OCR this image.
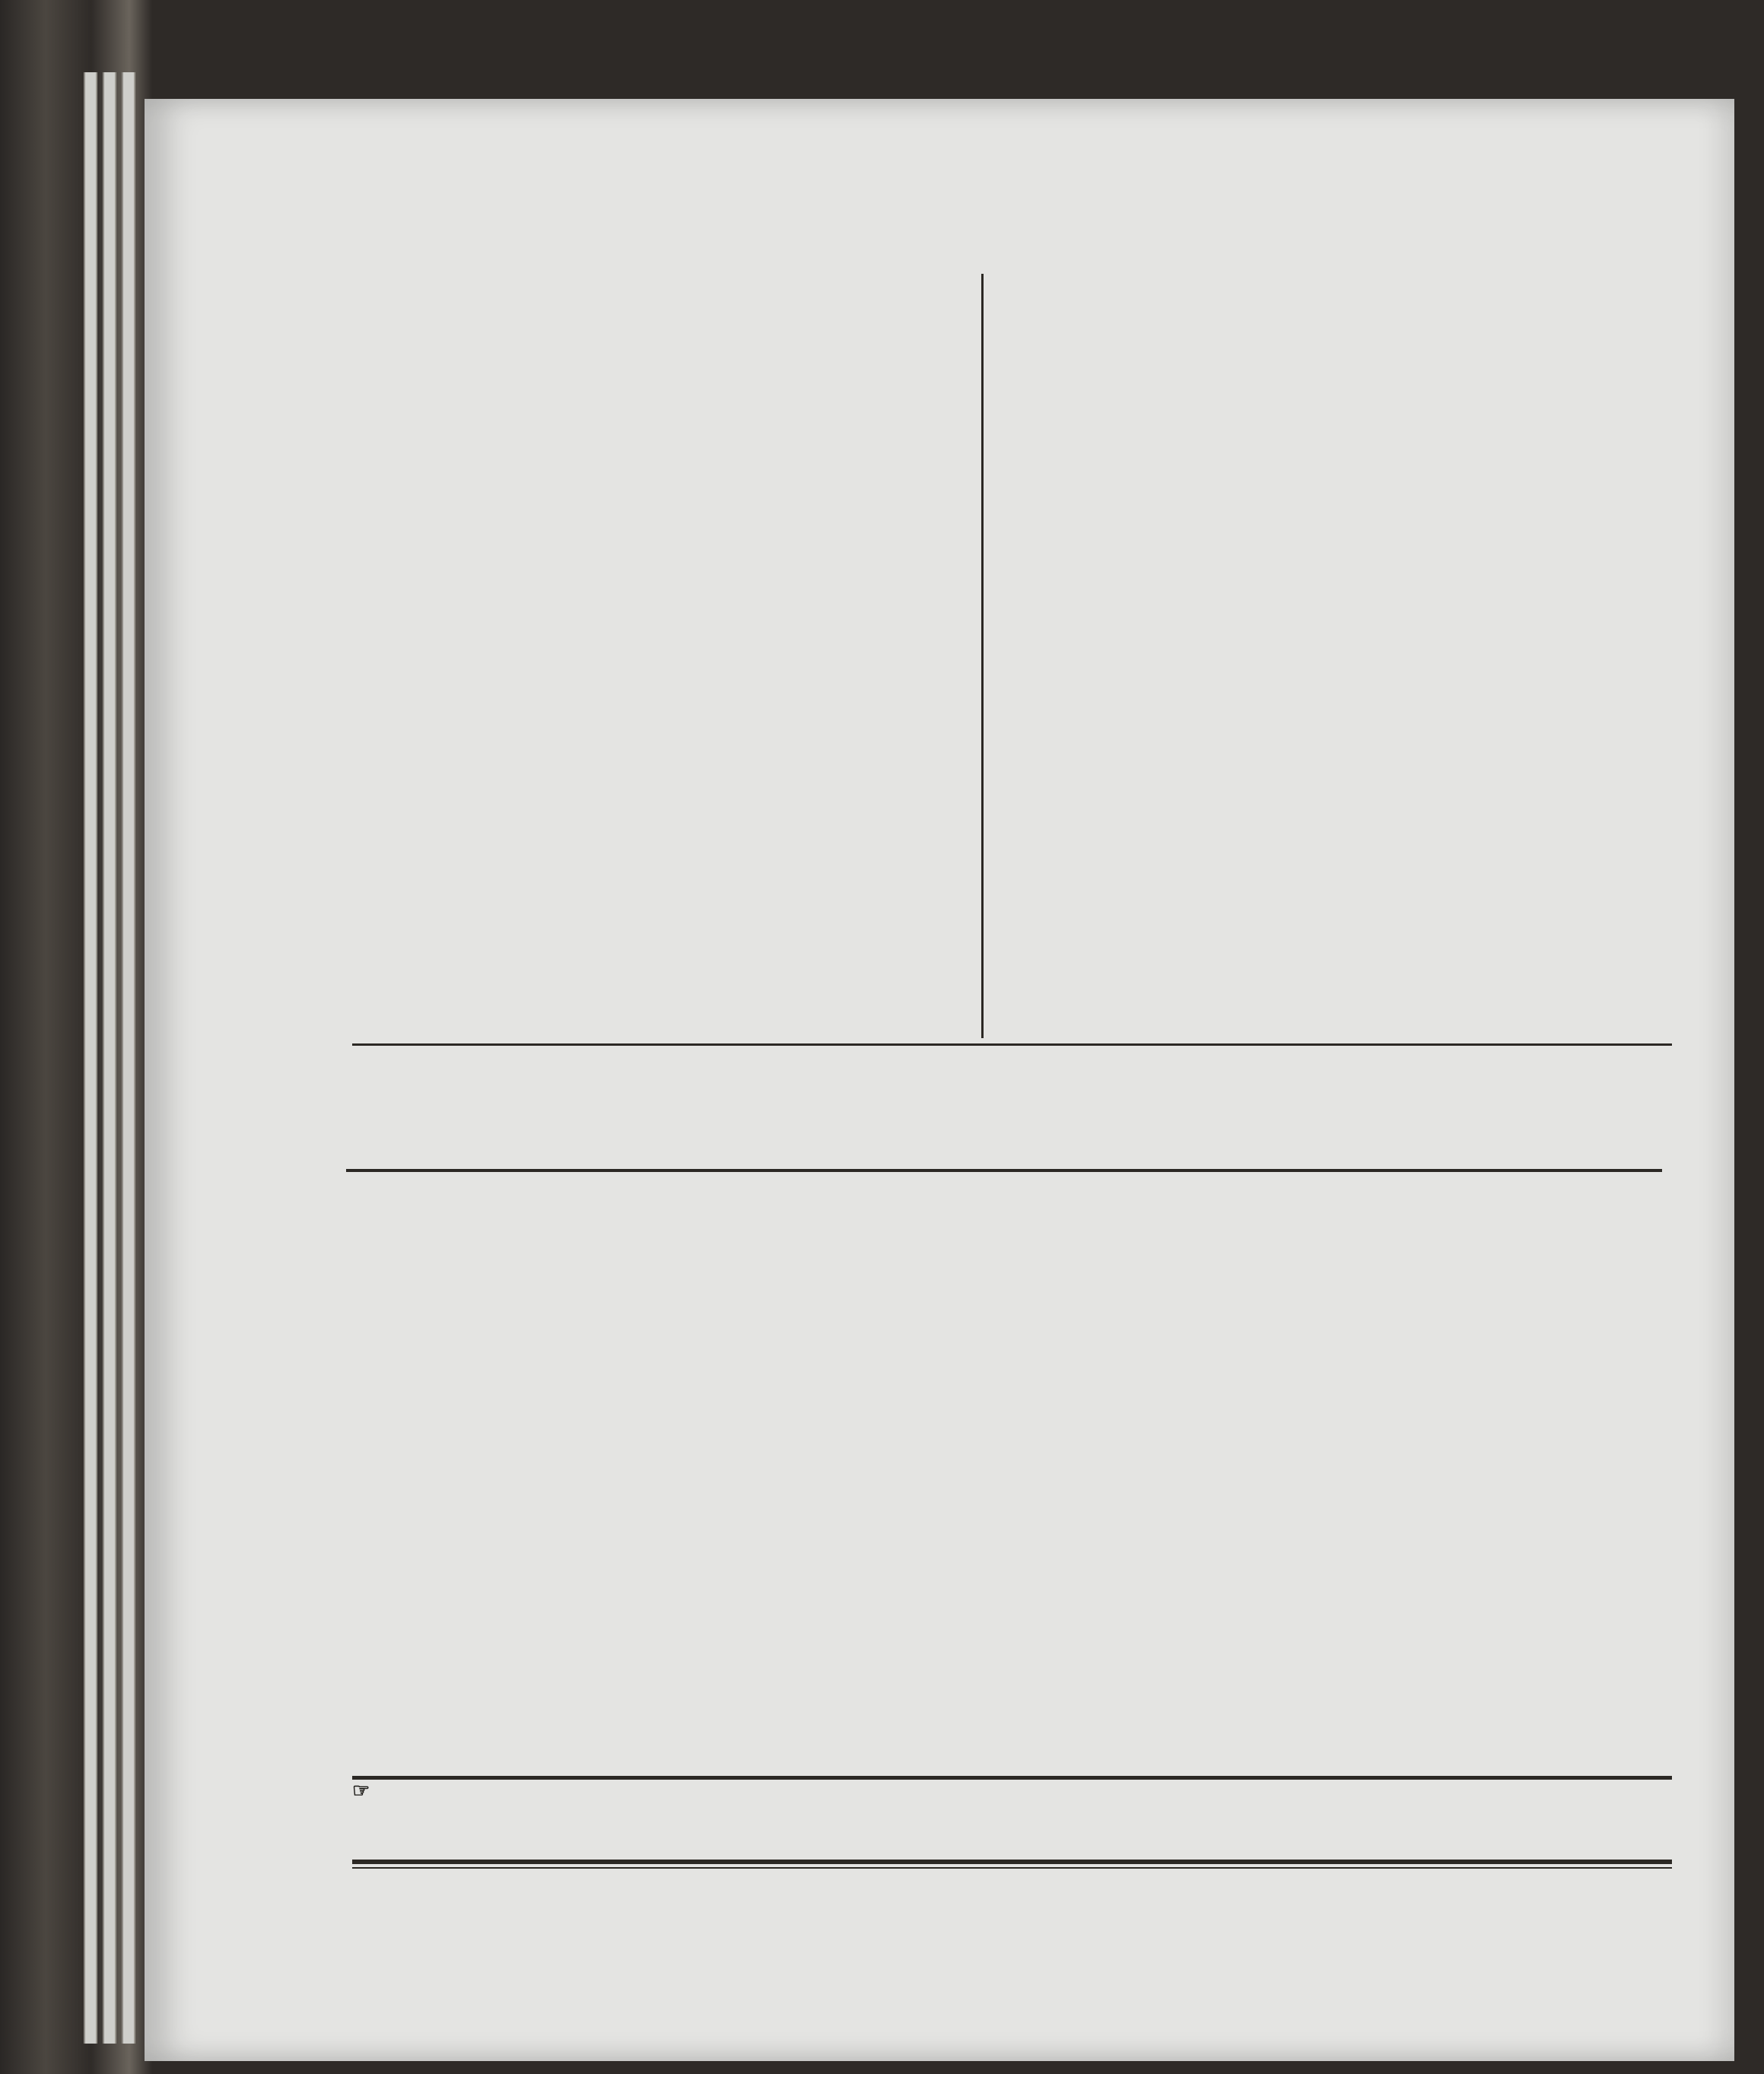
☞
